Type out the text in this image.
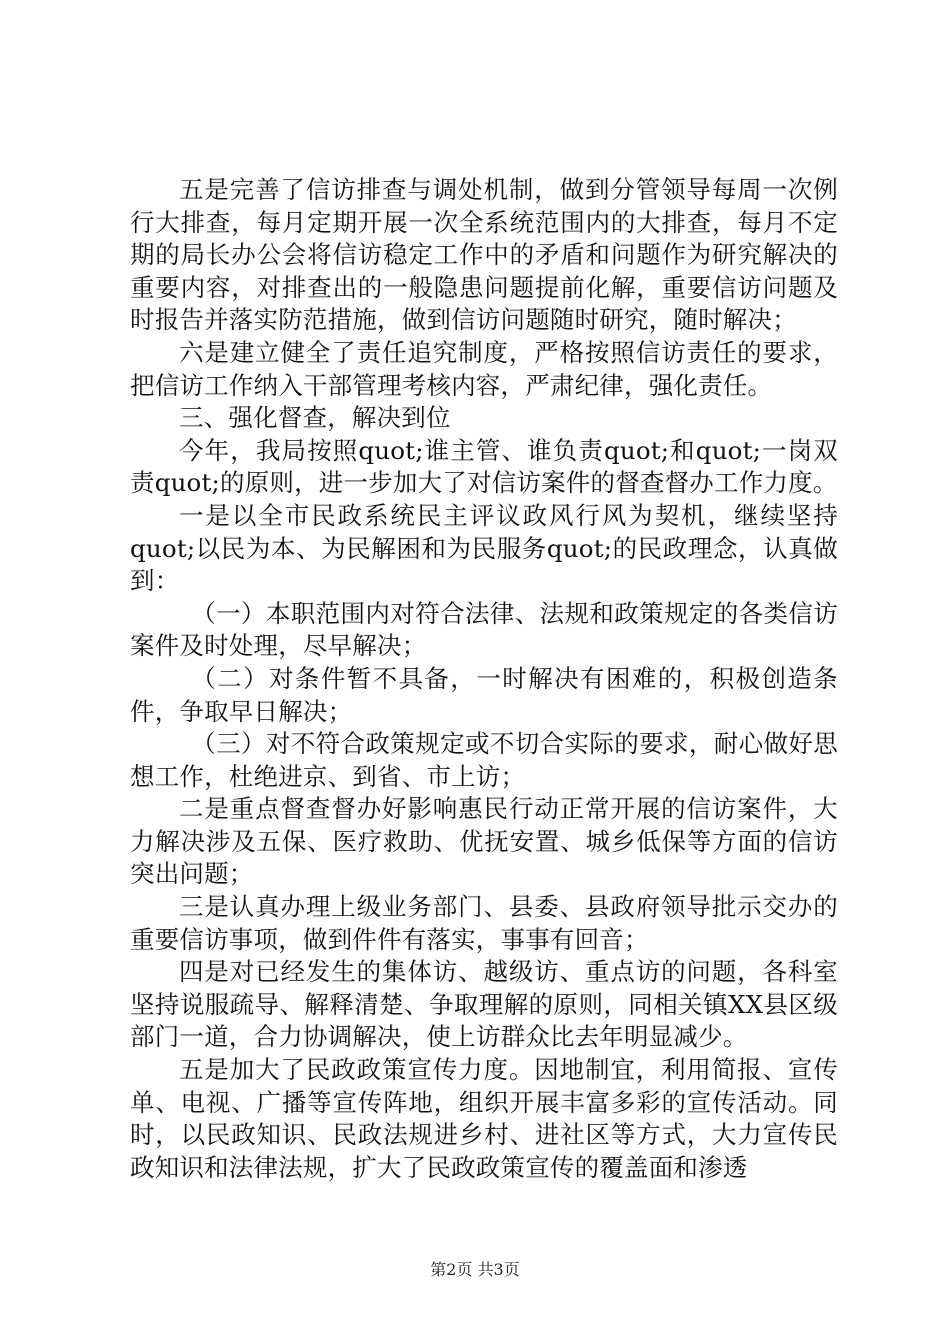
五是完善了信访排查与调处机制，做到分管领导每周一次例行大排查，每月定期开展一次全系统范围内的大排查，每月不定期的局长办公会将信访稳定工作中的矛盾和问题作为研究解决的重要内容，对排查出的一般隐患问题提前化解，重要信访问题及时报告并落实防范措施，做到信访问题随时研究，随时解决；

六是建立健全了责任追究制度，严格按照信访责任的要求，把信访工作纳入干部管理考核内容，严肃纪律，强化责任。

三、强化督查，解决到位

今年，我局按照quot;谁主管、谁负责quot;和quot;一岗双责quot;的原则，进一步加大了对信访案件的督查督办工作力度。

一是以全市民政系统民主评议政风行风为契机，继续坚持quot;以民为本、为民解困和为民服务quot;的民政理念，认真做到：

（一）本职范围内对符合法律、法规和政策规定的各类信访案件及时处理，尽早解决；

（二）对条件暂不具备，一时解决有困难的，积极创造条件，争取早日解决；

（三）对不符合政策规定或不切合实际的要求，耐心做好思想工作，杜绝进京、到省、市上访；

二是重点督查督办好影响惠民行动正常开展的信访案件，大力解决涉及五保、医疗救助、优抚安置、城乡低保等方面的信访突出问题；

三是认真办理上级业务部门、县委、县政府领导批示交办的重要信访事项，做到件件有落实，事事有回音；

四是对已经发生的集体访、越级访、重点访的问题，各科室坚持说服疏导、解释清楚、争取理解的原则，同相关镇XX县区级部门一道，合力协调解决，使上访群众比去年明显减少。

五是加大了民政政策宣传力度。因地制宜，利用简报、宣传单、电视、广播等宣传阵地，组织开展丰富多彩的宣传活动。同时，以民政知识、民政法规进乡村、进社区等方式，大力宣传民政知识和法律法规，扩大了民政政策宣传的覆盖面和渗透

第2页 共3页
